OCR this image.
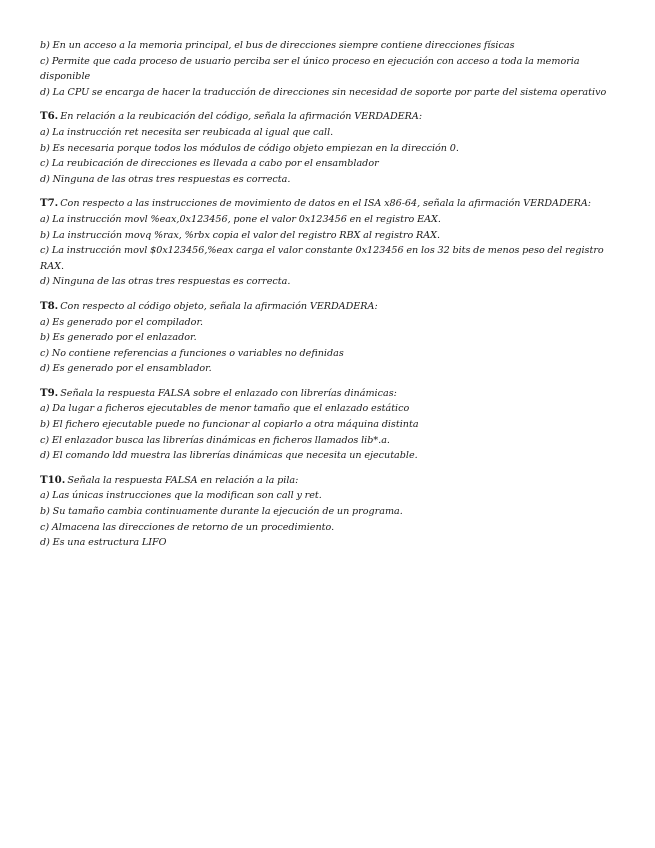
b) En un acceso a la memoria principal, el bus de direcciones siempre contiene direcciones físicas
c) Permite que cada proceso de usuario perciba ser el único proceso en ejecución con acceso a toda la memoria disponible
d) La CPU se encarga de hacer la traducción de direcciones sin necesidad de soporte por parte del sistema operativo
T6. En relación a la reubicación del código, señala la afirmación VERDADERA:
a) La instrucción ret necesita ser reubicada al igual que call.
b) Es necesaria porque todos los módulos de código objeto empiezan en la dirección 0.
c) La reubicación de direcciones es llevada a cabo por el ensamblador
d) Ninguna de las otras tres respuestas es correcta.
T7. Con respecto a las instrucciones de movimiento de datos en el ISA x86-64, señala la afirmación VERDADERA:
a) La instrucción movl %eax,0x123456, pone el valor 0x123456 en el registro EAX.
b) La instrucción movq %rax, %rbx copia el valor del registro RBX al registro RAX.
c) La instrucción movl $0x123456,%eax carga el valor constante 0x123456 en los 32 bits de menos peso del registro RAX.
d) Ninguna de las otras tres respuestas es correcta.
T8. Con respecto al código objeto, señala la afirmación VERDADERA:
a) Es generado por el compilador.
b) Es generado por el enlazador.
c) No contiene referencias a funciones o variables no definidas
d) Es generado por el ensamblador.
T9. Señala la respuesta FALSA sobre el enlazado con librerías dinámicas:
a) Da lugar a ficheros ejecutables de menor tamaño que el enlazado estático
b) El fichero ejecutable puede no funcionar al copiarlo a otra máquina distinta
c) El enlazador busca las librerías dinámicas en ficheros llamados lib*.a.
d) El comando ldd muestra las librerías dinámicas que necesita un ejecutable.
T10. Señala la respuesta FALSA en relación a la pila:
a) Las únicas instrucciones que la modifican son call y ret.
b) Su tamaño cambia continuamente durante la ejecución de un programa.
c) Almacena las direcciones de retorno de un procedimiento.
d) Es una estructura LIFO
